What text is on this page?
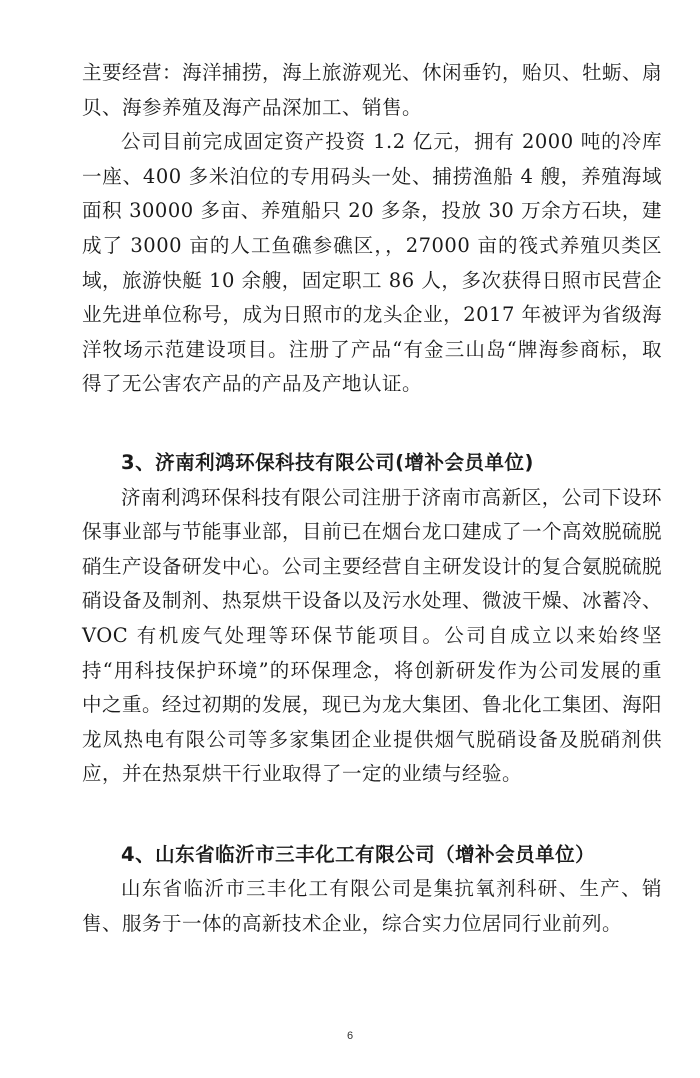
主要经营：海洋捕捞，海上旅游观光、休闲垂钓，贻贝、牡蛎、扇贝、海参养殖及海产品深加工、销售。

公司目前完成固定资产投资 1.2 亿元，拥有 2000 吨的冷库一座、400 多米泊位的专用码头一处、捕捞渔船 4 艘，养殖海域面积 30000 多亩、养殖船只 20 多条，投放 30 万余方石块，建成了 3000 亩的人工鱼礁参礁区，，27000 亩的筏式养殖贝类区域，旅游快艇 10 余艘，固定职工 86 人，多次获得日照市民营企业先进单位称号，成为日照市的龙头企业，2017 年被评为省级海洋牧场示范建设项目。注册了产品“有金三山岛“牌海参商标，取得了无公害农产品的产品及产地认证。

3、济南利鸿环保科技有限公司(增补会员单位)

济南利鸿环保科技有限公司注册于济南市高新区，公司下设环保事业部与节能事业部，目前已在烟台龙口建成了一个高效脱硫脱硝生产设备研发中心。公司主要经营自主研发设计的复合氨脱硫脱硝设备及制剂、热泵烘干设备以及污水处理、微波干燥、冰蓄冷、VOC 有机废气处理等环保节能项目。公司自成立以来始终坚持“用科技保护环境”的环保理念，将创新研发作为公司发展的重中之重。经过初期的发展，现已为龙大集团、鲁北化工集团、海阳龙凤热电有限公司等多家集团企业提供烟气脱硝设备及脱硝剂供应，并在热泵烘干行业取得了一定的业绩与经验。

4、山东省临沂市三丰化工有限公司（增补会员单位）

山东省临沂市三丰化工有限公司是集抗氧剂科研、生产、销售、服务于一体的高新技术企业，综合实力位居同行业前列。

6
